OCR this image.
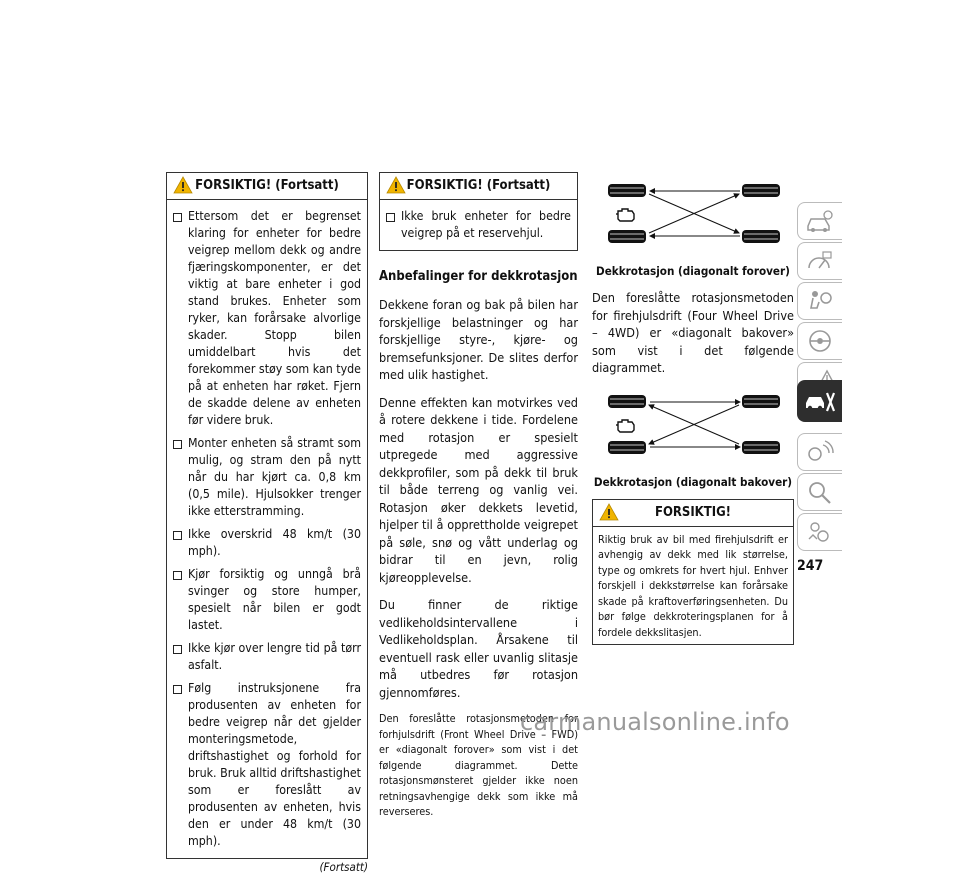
FORSIKTIG! (Fortsatt)
Ettersom det er begrenset klaring for enheter for bedre veigrep mellom dekk og andre fjæringskomponenter, er det viktig at bare enheter i god stand brukes. Enheter som ryker, kan forårsake alvorlige skader. Stopp bilen umiddelbart hvis det forekommer støy som kan tyde på at enheten har røket. Fjern de skadde delene av enheten før videre bruk.
Monter enheten så stramt som mulig, og stram den på nytt når du har kjørt ca. 0,8 km (0,5 mile). Hjulsokker trenger ikke etterstramming.
Ikke overskrid 48 km/t (30 mph).
Kjør forsiktig og unngå brå svinger og store humper, spesielt når bilen er godt lastet.
Ikke kjør over lengre tid på tørr asfalt.
Følg instruksjonene fra produsenten av enheten for bedre veigrep når det gjelder monteringsmetode, driftshastighet og forhold for bruk. Bruk alltid driftshastighet som er foreslått av produsenten av enheten, hvis den er under 48 km/t (30 mph).
(Fortsatt)
FORSIKTIG! (Fortsatt)
Ikke bruk enheter for bedre veigrep på et reservehjul.
Anbefalinger for dekkrotasjon

Dekkene foran og bak på bilen har forskjellige belastninger og har forskjellige styre-, kjøre- og bremsefunksjoner. De slites derfor med ulik hastighet.

Denne effekten kan motvirkes ved å rotere dekkene i tide. Fordelene med rotasjon er spesielt utpregede med aggressive dekkprofiler, som på dekk til bruk til både terreng og vanlig vei. Rotasjon øker dekkets levetid, hjelper til å opprettholde veigrepet på søle, snø og vått underlag og bidrar til en jevn, rolig kjøreopplevelse.

Du finner de riktige vedlikeholdsintervallene i Vedlikeholdsplan. Årsakene til eventuell rask eller uvanlig slitasje må utbedres før rotasjon gjennomføres.

Den foreslåtte rotasjonsmetoden for forhjulsdrift (Front Wheel Drive – FWD) er «diagonalt forover» som vist i det følgende diagrammet. Dette rotasjonsmønsteret gjelder ikke noen retningsavhengige dekk som ikke må reverseres.

Dekkrotasjon (diagonalt forover)

Den foreslåtte rotasjonsmetoden for firehjulsdrift (Four Wheel Drive – 4WD) er «diagonalt bakover» som vist i det følgende diagrammet.

Dekkrotasjon (diagonalt bakover)
FORSIKTIG!
Riktig bruk av bil med firehjulsdrift er avhengig av dekk med lik størrelse, type og omkrets for hvert hjul. Enhver forskjell i dekkstørrelse kan forårsake skade på kraftoverføringsenheten. Du bør følge dekkroteringsplanen for å fordele dekkslitasjen.
247
carmanualsonline.info
